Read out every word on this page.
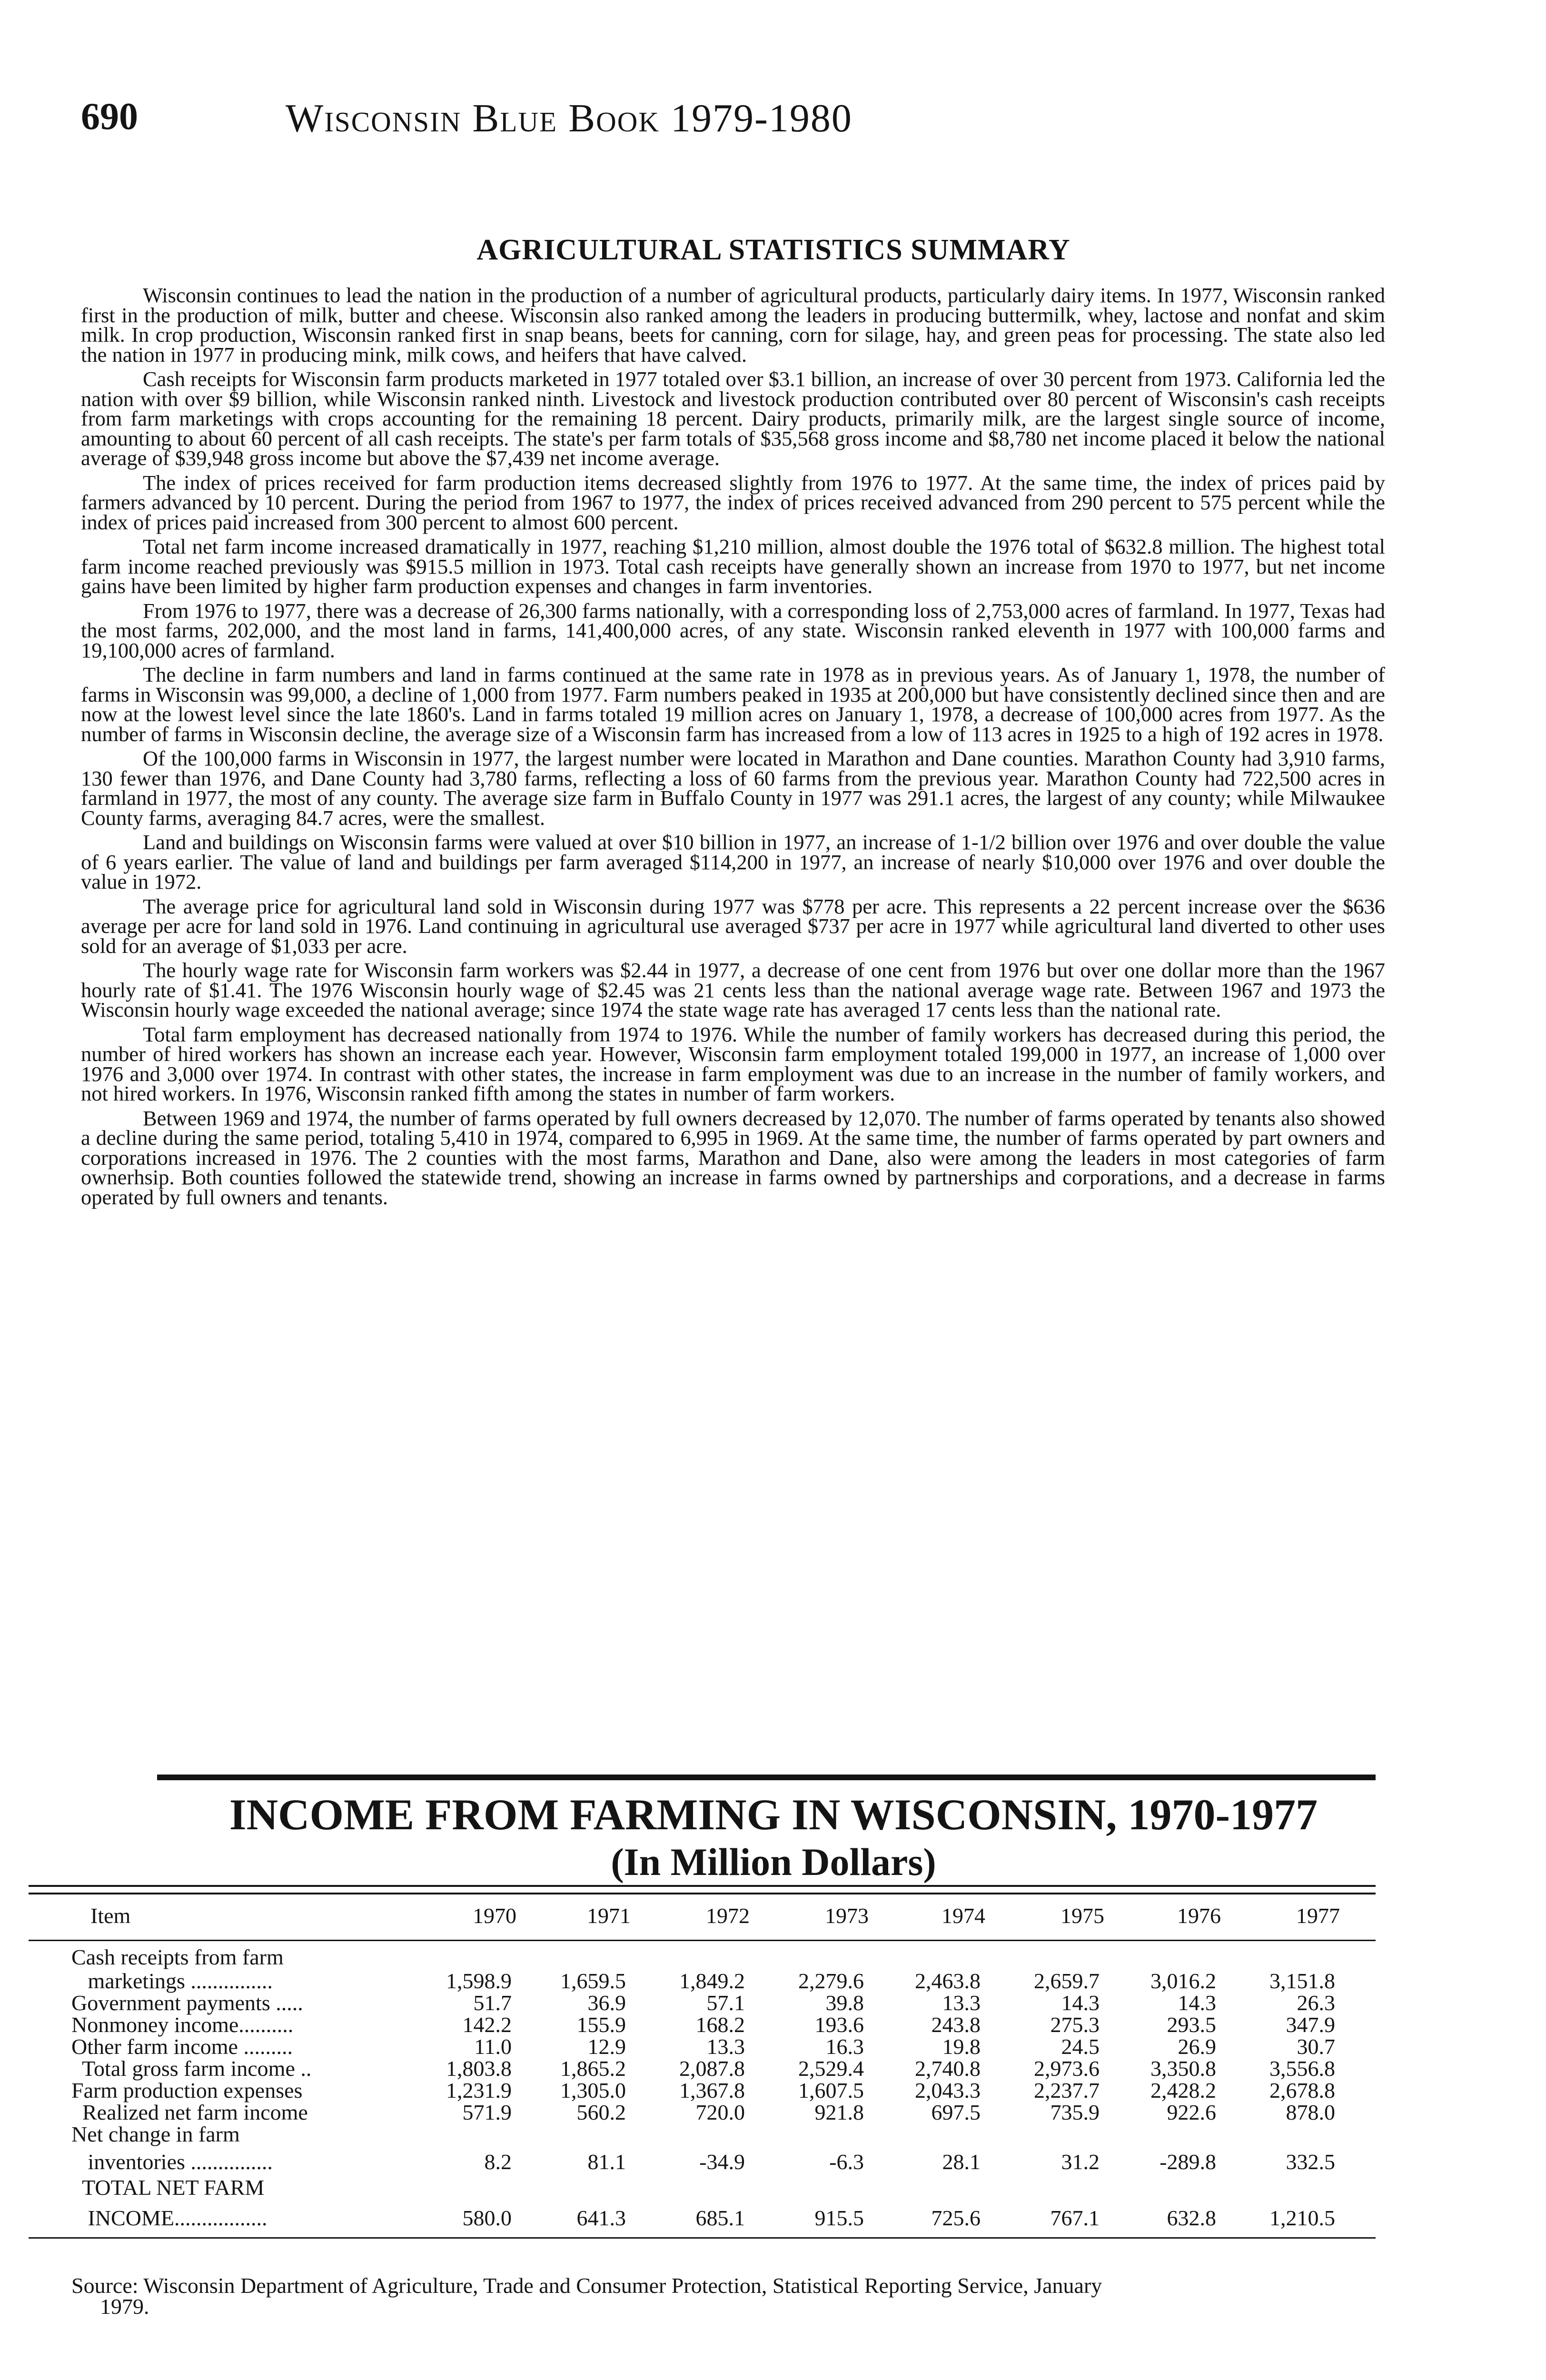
690	Wisconsin Blue Book 1979-1980
AGRICULTURAL STATISTICS SUMMARY

Wisconsin continues to lead the nation in the production of a number of agricultural products, particularly dairy items. In 1977, Wisconsin ranked first in the production of milk, butter and cheese. Wisconsin also ranked among the leaders in producing buttermilk, whey, lactose and nonfat and skim milk. In crop production, Wisconsin ranked first in snap beans, beets for canning, corn for silage, hay, and green peas for processing. The state also led the nation in 1977 in producing mink, milk cows, and heifers that have calved.

Cash receipts for Wisconsin farm products marketed in 1977 totaled over $3.1 billion, an increase of over 30 percent from 1973. California led the nation with over $9 billion, while Wisconsin ranked ninth. Livestock and livestock production contributed over 80 percent of Wisconsin's cash receipts from farm marketings with crops accounting for the remaining 18 percent. Dairy products, primarily milk, are the largest single source of income, amounting to about 60 percent of all cash receipts. The state's per farm totals of $35,568 gross income and $8,780 net income placed it below the national average of $39,948 gross income but above the $7,439 net income average.

The index of prices received for farm production items decreased slightly from 1976 to 1977. At the same time, the index of prices paid by farmers advanced by 10 percent. During the period from 1967 to 1977, the index of prices received advanced from 290 percent to 575 percent while the index of prices paid increased from 300 percent to almost 600 percent.

Total net farm income increased dramatically in 1977, reaching $1,210 million, almost double the 1976 total of $632.8 million. The highest total farm income reached previously was $915.5 million in 1973. Total cash receipts have generally shown an increase from 1970 to 1977, but net income gains have been limited by higher farm production expenses and changes in farm inventories.

From 1976 to 1977, there was a decrease of 26,300 farms nationally, with a corresponding loss of 2,753,000 acres of farmland. In 1977, Texas had the most farms, 202,000, and the most land in farms, 141,400,000 acres, of any state. Wisconsin ranked eleventh in 1977 with 100,000 farms and 19,100,000 acres of farmland.

The decline in farm numbers and land in farms continued at the same rate in 1978 as in previous years. As of January 1, 1978, the number of farms in Wisconsin was 99,000, a decline of 1,000 from 1977. Farm numbers peaked in 1935 at 200,000 but have consistently declined since then and are now at the lowest level since the late 1860's. Land in farms totaled 19 million acres on January 1, 1978, a decrease of 100,000 acres from 1977. As the number of farms in Wisconsin decline, the average size of a Wisconsin farm has increased from a low of 113 acres in 1925 to a high of 192 acres in 1978.

Of the 100,000 farms in Wisconsin in 1977, the largest number were located in Marathon and Dane counties. Marathon County had 3,910 farms, 130 fewer than 1976, and Dane County had 3,780 farms, reflecting a loss of 60 farms from the previous year. Marathon County had 722,500 acres in farmland in 1977, the most of any county. The average size farm in Buffalo County in 1977 was 291.1 acres, the largest of any county; while Milwaukee County farms, averaging 84.7 acres, were the smallest.

Land and buildings on Wisconsin farms were valued at over $10 billion in 1977, an increase of 1-1/2 billion over 1976 and over double the value of 6 years earlier. The value of land and buildings per farm averaged $114,200 in 1977, an increase of nearly $10,000 over 1976 and over double the value in 1972.

The average price for agricultural land sold in Wisconsin during 1977 was $778 per acre. This represents a 22 percent increase over the $636 average per acre for land sold in 1976. Land continuing in agricultural use averaged $737 per acre in 1977 while agricultural land diverted to other uses sold for an average of $1,033 per acre.

The hourly wage rate for Wisconsin farm workers was $2.44 in 1977, a decrease of one cent from 1976 but over one dollar more than the 1967 hourly rate of $1.41. The 1976 Wisconsin hourly wage of $2.45 was 21 cents less than the national average wage rate. Between 1967 and 1973 the Wisconsin hourly wage exceeded the national average; since 1974 the state wage rate has averaged 17 cents less than the national rate.

Total farm employment has decreased nationally from 1974 to 1976. While the number of family workers has decreased during this period, the number of hired workers has shown an increase each year. However, Wisconsin farm employment totaled 199,000 in 1977, an increase of 1,000 over 1976 and 3,000 over 1974. In contrast with other states, the increase in farm employment was due to an increase in the number of family workers, and not hired workers. In 1976, Wisconsin ranked fifth among the states in number of farm workers.

Between 1969 and 1974, the number of farms operated by full owners decreased by 12,070. The number of farms operated by tenants also showed a decline during the same period, totaling 5,410 in 1974, compared to 6,995 in 1969. At the same time, the number of farms operated by part owners and corporations increased in 1976. The 2 counties with the most farms, Marathon and Dane, also were among the leaders in most categories of farm ownerhsip. Both counties followed the statewide trend, showing an increase in farms owned by partnerships and corporations, and a decrease in farms operated by full owners and tenants.

INCOME FROM FARMING IN WISCONSIN, 1970-1977
(In Million Dollars)
Item	1970	1971	1972	1973	1974	1975	1976	1977
Cash receipts from farm
marketings ...............	1,598.9	1,659.5	1,849.2	2,279.6	2,463.8	2,659.7	3,016.2	3,151.8
Government payments .....	51.7	36.9	57.1	39.8	13.3	14.3	14.3	26.3
Nonmoney income..........	142.2	155.9	168.2	193.6	243.8	275.3	293.5	347.9
Other farm income .........	11.0	12.9	13.3	16.3	19.8	24.5	26.9	30.7
Total gross farm income ..	1,803.8	1,865.2	2,087.8	2,529.4	2,740.8	2,973.6	3,350.8	3,556.8
Farm production expenses	1,231.9	1,305.0	1,367.8	1,607.5	2,043.3	2,237.7	2,428.2	2,678.8
Realized net farm income	571.9	560.2	720.0	921.8	697.5	735.9	922.6	878.0
Net change in farm
inventories ...............	8.2	81.1	-34.9	-6.3	28.1	31.2	-289.8	332.5
TOTAL NET FARM
INCOME.................	580.0	641.3	685.1	915.5	725.6	767.1	632.8	1,210.5
Source: Wisconsin Department of Agriculture, Trade and Consumer Protection, Statistical Reporting Service, January
1979.
